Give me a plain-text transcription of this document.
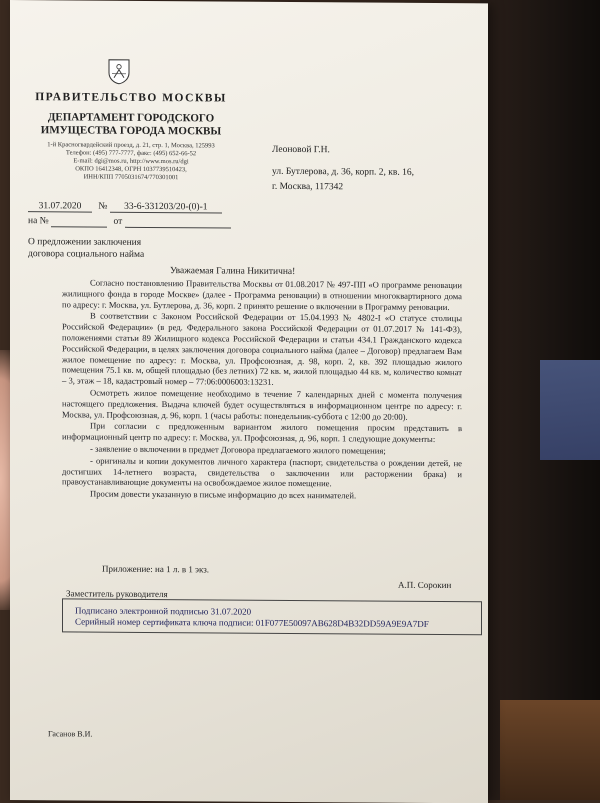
ПРАВИТЕЛЬСТВО МОСКВЫ
ДЕПАРТАМЕНТ ГОРОДСКОГО
ИМУЩЕСТВА ГОРОДА МОСКВЫ
1-й Красногвардейский проезд, д. 21, стр. 1, Москва, 125993
Телефон: (495) 777-7777, факс: (495) 652-66-52
E-mail: dgi@mos.ru, http://www.mos.ru/dgi
ОКПО 16412348, ОГРН 1037739510423,
ИНН/КПП 7705031674/770301001
Леоновой Г.Н.
ул. Бутлерова, д. 36, корп. 2, кв. 16,
г. Москва, 117342
31.07.2020 № 33-6-331203/20-(0)-1
на №	от
О предложении заключения
договора социального найма
Уважаемая Галина Никитична!

Согласно постановлению Правительства Москвы от 01.08.2017 № 497-ПП «О программе реновации жилищного фонда в городе Москве» (далее - Программа реновации) в отношении многоквартирного дома по адресу: г. Москва, ул. Бутлерова, д. 36, корп. 2 принято решение о включении в Программу реновации.

В соответствии с Законом Российской Федерации от 15.04.1993 № 4802-I «О статусе столицы Российской Федерации» (в ред. Федерального закона Российской Федерации от 01.07.2017 № 141-ФЗ), положениями статьи 89 Жилищного кодекса Российской Федерации и статьи 434.1 Гражданского кодекса Российской Федерации, в целях заключения договора социального найма (далее – Договор) предлагаем Вам жилое помещение по адресу: г. Москва, ул. Профсоюзная, д. 98, корп. 2, кв. 392 площадью жилого помещения 75.1 кв. м, общей площадью (без летних) 72 кв. м, жилой площадью 44 кв. м, количество комнат – 3, этаж – 18, кадастровый номер – 77:06:0006003:13231.

Осмотреть жилое помещение необходимо в течение 7 календарных дней с момента получения настоящего предложения. Выдача ключей будет осуществляться в информационном центре по адресу: г. Москва, ул. Профсоюзная, д. 96, корп. 1 (часы работы: понедельник-суббота с 12:00 до 20:00).

При согласии с предложенным вариантом жилого помещения просим представить в информационный центр по адресу: г. Москва, ул. Профсоюзная, д. 96, корп. 1 следующие документы:

- заявление о включении в предмет Договора предлагаемого жилого помещения;

- оригиналы и копии документов личного характера (паспорт, свидетельства о рождении детей, не достигших 14-летнего возраста, свидетельства о заключении или расторжении брака) и правоустанавливающие документы на освобождаемое жилое помещение.

Просим довести указанную в письме информацию до всех нанимателей.

Приложение: на 1 л. в 1 экз.
А.П. Сорокин
Подписано электронной подписью 31.07.2020
Серийный номер сертификата ключа подписи: 01F077E50097AB628D4B32DD59A9E9A7DF
Заместитель руководителя
Гасанов В.И.
